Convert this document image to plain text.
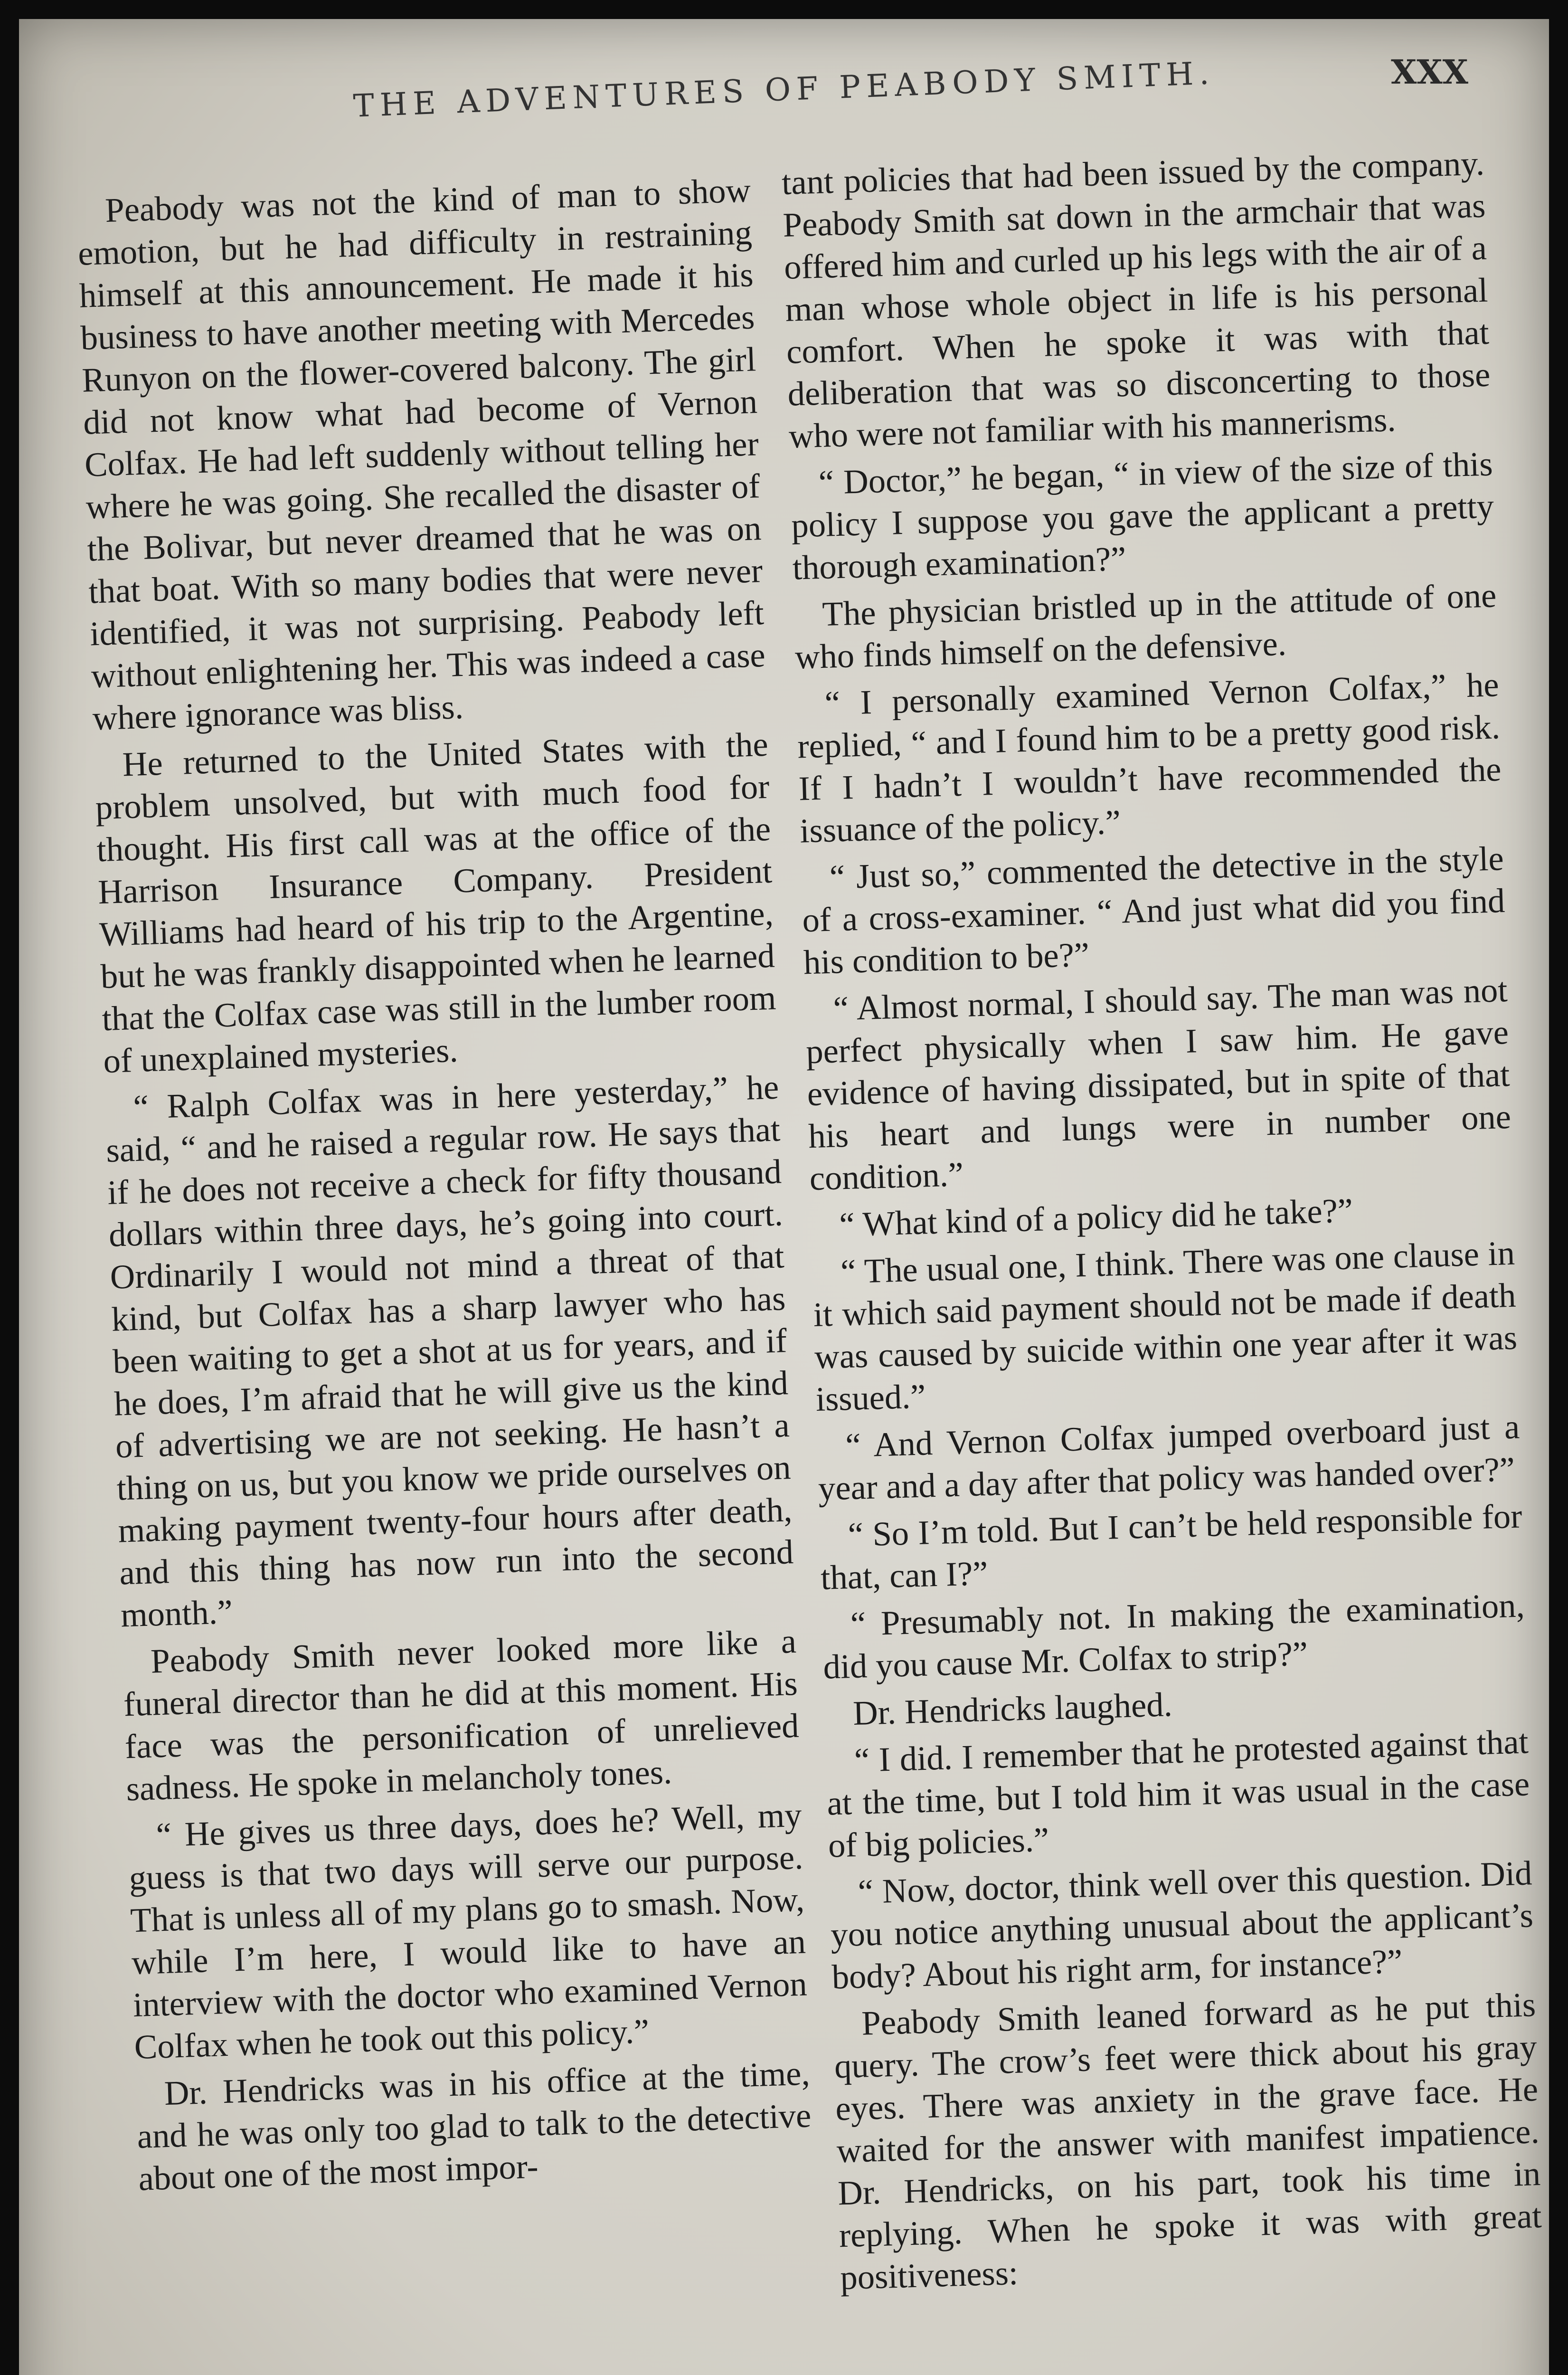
THE ADVENTURES OF PEABODY SMITH.	XXX

Peabody was not the kind of man to show emotion, but he had difficulty in restraining himself at this announcement. He made it his business to have another meeting with Mercedes Runyon on the flower-covered balcony. The girl did not know what had become of Vernon Colfax. He had left suddenly without telling her where he was going. She recalled the disaster of the Bolivar, but never dreamed that he was on that boat. With so many bodies that were never identified, it was not surprising. Peabody left without enlightening her. This was indeed a case where ignorance was bliss.

He returned to the United States with the problem unsolved, but with much food for thought. His first call was at the office of the Harrison Insurance Company. President Williams had heard of his trip to the Argentine, but he was frankly disappointed when he learned that the Colfax case was still in the lumber room of unexplained mysteries.

“ Ralph Colfax was in here yesterday,” he said, “ and he raised a regular row. He says that if he does not receive a check for fifty thousand dollars within three days, he’s going into court. Ordinarily I would not mind a threat of that kind, but Colfax has a sharp lawyer who has been waiting to get a shot at us for years, and if he does, I’m afraid that he will give us the kind of advertising we are not seeking. He hasn’t a thing on us, but you know we pride ourselves on making payment twenty-four hours after death, and this thing has now run into the second month.”

Peabody Smith never looked more like a funeral director than he did at this moment. His face was the personification of unrelieved sadness. He spoke in melancholy tones.

“ He gives us three days, does he? Well, my guess is that two days will serve our purpose. That is unless all of my plans go to smash. Now, while I’m here, I would like to have an interview with the doctor who examined Vernon Colfax when he took out this policy.”

Dr. Hendricks was in his office at the time, and he was only too glad to talk to the detective about one of the most impor-

tant policies that had been issued by the company. Peabody Smith sat down in the armchair that was offered him and curled up his legs with the air of a man whose whole object in life is his personal comfort. When he spoke it was with that deliberation that was so disconcerting to those who were not familiar with his mannerisms.

“ Doctor,” he began, “ in view of the size of this policy I suppose you gave the applicant a pretty thorough examination?”

The physician bristled up in the attitude of one who finds himself on the defensive.

“ I personally examined Vernon Colfax,” he replied, “ and I found him to be a pretty good risk. If I hadn’t I wouldn’t have recommended the issuance of the policy.”

“ Just so,” commented the detective in the style of a cross-examiner. “ And just what did you find his condition to be?”

“ Almost normal, I should say. The man was not perfect physically when I saw him. He gave evidence of having dissipated, but in spite of that his heart and lungs were in number one condition.”

“ What kind of a policy did he take?”

“ The usual one, I think. There was one clause in it which said payment should not be made if death was caused by suicide within one year after it was issued.”

“ And Vernon Colfax jumped overboard just a year and a day after that policy was handed over?”

“ So I’m told. But I can’t be held responsible for that, can I?”

“ Presumably not. In making the examination, did you cause Mr. Colfax to strip?”

Dr. Hendricks laughed.

“ I did. I remember that he protested against that at the time, but I told him it was usual in the case of big policies.”

“ Now, doctor, think well over this question. Did you notice anything unusual about the applicant’s body? About his right arm, for instance?”

Peabody Smith leaned forward as he put this query. The crow’s feet were thick about his gray eyes. There was anxiety in the grave face. He waited for the answer with manifest impatience. Dr. Hendricks, on his part, took his time in replying. When he spoke it was with great positiveness:
